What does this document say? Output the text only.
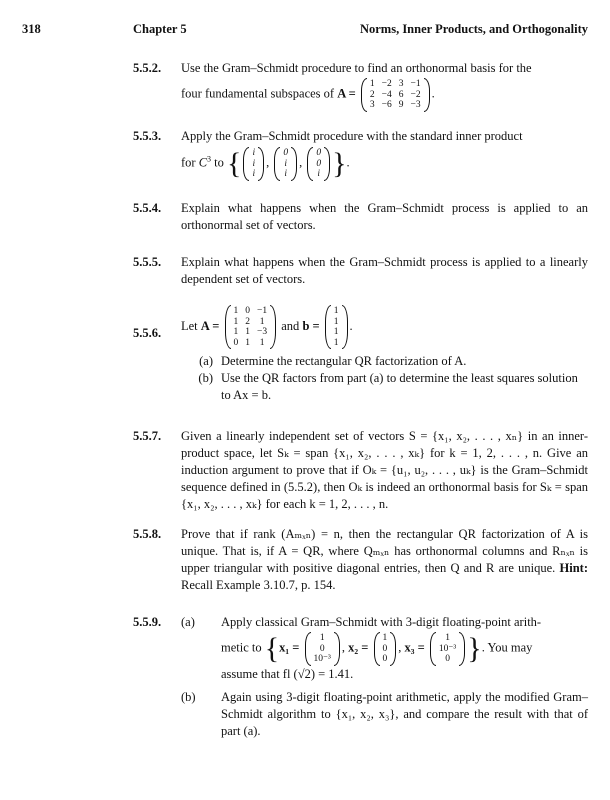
318	Chapter 5	Norms, Inner Products, and Orthogonality
5.5.2.	Use the Gram–Schmidt procedure to find an orthonormal basis for the
four fundamental subspaces of A =
1 −2 3 −1
2 −4 6 −2
3 −6 9 −3
.
5.5.3.	Apply the Gram–Schmidt procedure with the standard inner product
for $C^3$ to { i
i
i
,
0
i
i
,
0
0
i }.
5.5.4.	Explain what happens when the Gram–Schmidt process is applied to an orthonormal set of vectors.
5.5.5.	Explain what happens when the Gram–Schmidt process is applied to a linearly dependent set of vectors.
5.5.6.
Let A =
1 0 −1
1 2 1
1 1 −3
0 1 1
and b =
1
1
1
1
.
(a) Determine the rectangular QR factorization of A.
(b) Use the QR factors from part (a) to determine the least squares solution to Ax = b.
5.5.7.	Given a linearly independent set of vectors S = {x₁, x₂, . . . , xₙ} in an inner-product space, let Sₖ = span {x₁, x₂, . . . , xₖ} for k = 1, 2, . . . , n. Give an induction argument to prove that if Oₖ = {u₁, u₂, . . . , uₖ} is the Gram–Schmidt sequence defined in (5.5.2), then Oₖ is indeed an orthonormal basis for Sₖ = span {x₁, x₂, . . . , xₖ} for each k = 1, 2, . . . , n.
5.5.8.	Prove that if rank (Aₘₓₙ) = n, then the rectangular QR factorization of A is unique. That is, if A = QR, where Qₘₓₙ has orthonormal columns and Rₙₓₙ is upper triangular with positive diagonal entries, then Q and R are unique. Hint: Recall Example 3.10.7, p. 154.
5.5.9.	(a) Apply classical Gram–Schmidt with 3-digit floating-point arith-
metic to {x₁ =
1
0
10⁻³
, x₂ =
1
0
0
, x₃ =
1
10⁻³
0 }. You may
assume that fl (√2) = 1.41.
(b) Again using 3-digit floating-point arithmetic, apply the modified Gram–Schmidt algorithm to {x₁, x₂, x₃}, and compare the result with that of part (a).
